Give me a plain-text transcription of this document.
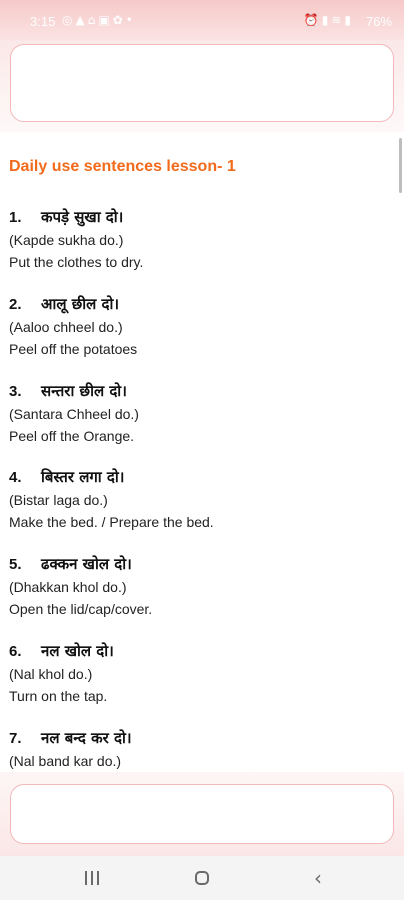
3:15 ◎▲⌂▣✿•	⏰▮≋▮ 76%
Daily use sentences lesson- 1
1. कपड़े सुखा दो।
(Kapde sukha do.)
Put the clothes to dry.
2. आलू छील दो।
(Aaloo chheel do.)
Peel off the potatoes
3. सन्तरा छील दो।
(Santara Chheel do.)
Peel off the Orange.
4. बिस्तर लगा दो।
(Bistar laga do.)
Make the bed. / Prepare the bed.
5. ढक्कन खोल दो।
(Dhakkan khol do.)
Open the lid/cap/cover.
6. नल खोल दो।
(Nal khol do.)
Turn on the tap.
7. नल बन्द कर दो।
(Nal band kar do.)
‹
